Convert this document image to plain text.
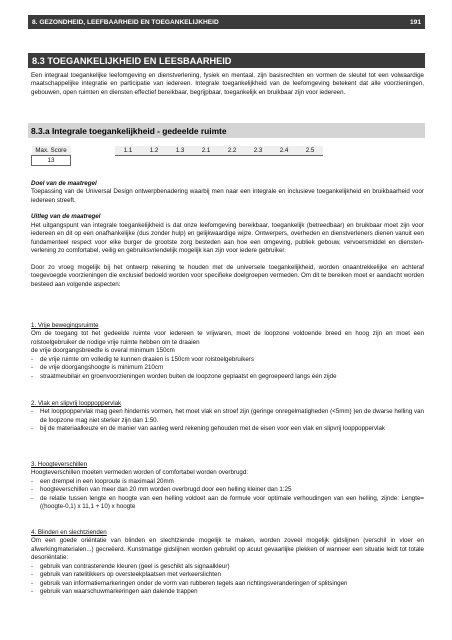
8. GEZONDHEID, LEEFBAARHEID EN TOEGANKELIJKHEID	191
8.3 TOEGANKELIJKHEID EN LEESBAARHEID

Een integraal toegankelijke leefomgeving en dienstverlening, fysiek en mentaal, zijn basisrechten en vormen de sleutel tot een volwaardige maatschappelijke integratie en participatie van iedereen. Integrale toegankelijkheid van de leefomgeving betekent dat alle voorzieningen, gebouwen, open ruimten en diensten effectief bereikbaar, begrijpbaar, toegankelijk en bruikbaar zijn voor iedereen.

8.3.a Integrale toegankelijkheid - gedeelde ruimte
Max. Score		1.1	1.2	1.3	2.1	2.2	2.3	2.4	2.5
13									

Doel van de maatregel

Toepassing van de Universal Design ontwerpbenadering waarbij men naar een integrale en inclusieve toegankelijkheid en bruikbaarheid voor iedereen streeft.

Uitleg van de maatregel

Het uitgangspunt van integrale toegankelijkheid is dat onze leefomgeving bereikbaar, toegankelijk (betreedbaar) en bruikbaar moet zijn voor iedereen en dit op een onafhankelijke (dus zonder hulp) en gelijkwaardige wijze. Ontwerpers, overheden en dienstverleners dienen vanuit een fundamenteel respect voor elke burger de grootste zorg besteden aan hoe een omgeving, publiek gebouw, vervoersmiddel en dienstenverlening zo comfortabel, veilig en gebruiksvriendelijk mogelijk kan zijn voor iedere gebruiker.

Door zo vroeg mogelijk bij het ontwerp rekening te houden met de universele toegankelijkheid, worden onaantrekkelijke en achteraf toegevoegde voorzieningen die exclusief bedoeld worden voor specifieke doelgroepen vermeden. Om dit te bereiken moet er aandacht worden besteed aan volgende aspecten:

1. Vrije bewegingsruimte

Om de toegang tot het gedeelde ruimte voor iedereen te vrijwaren, moet de loopzone voldoende breed en hoog zijn en moet een rolstoelgebruiker de nodige vrije ruimte hebben om te draaien

de vrije doorgangsbreedte is overal minimum 150cm

- de vrije ruimte om volledig te kunnen draaien is 150cm voor rolstoelgebruikers
- de vrije doorgangshoogte is minimum 210cm
- straatmeubilair en groenvoorzieningen worden buiten de loopzone geplaatst en gegroepeerd langs één zijde

2. Vlak en slipvrij looppoppervlak

- Het looppoppervlak mag geen hindernis vormen, het moet vlak en stroef zijn (geringe onregelmatigheden (<5mm) )en de dwarse helling van de loopzone mag niet sterker zijn dan 1:50.
- bij de materiaalkeuze en de manier van aanleg werd rekening gehouden met de eisen voor een vlak en slipvrij looppoppervlak

3. Hoogteverschillen

Hoogteverschillen moeten vermeden worden of comfortabel worden overbrugd:

- een drempel in een looproute is maximaal 20mm
- hoogteverschillen van meer dan 20 mm worden overbrugd door een helling kleiner dan 1:25
- de relatie tussen lengte en hoogte van een helling voldoet aan de formule voor optimale verhoudingen van een helling, zijnde: Lengte=((hoogte-0,1) x 11,1 + 10) x hoogte

4. Blinden en slechtzienden

Om een goede oriëntatie van blinden en slechtziende mogelijk te maken, worden zoveel mogelijk gidslijnen (verschil in vloer en afwerkingmaterialen...) gecreëerd. Kunstmatige gidslijnen worden gebruikt op acuut gevaarlijke plekken of wanneer een situatie leidt tot totale desoriëntatie:

- gebruik van contrasterende kleuren (geel is geschikt als signaalkleur)
- gebruik van ratelitikkers op oversteekplaatsen met verkeerslichten
- gebruik van informatiemarkeringen onder de vorm van rubberen tegels aan richtingsveranderingen of splitsingen
- gebruik van waarschuwmarkeringen aan dalende trappen
